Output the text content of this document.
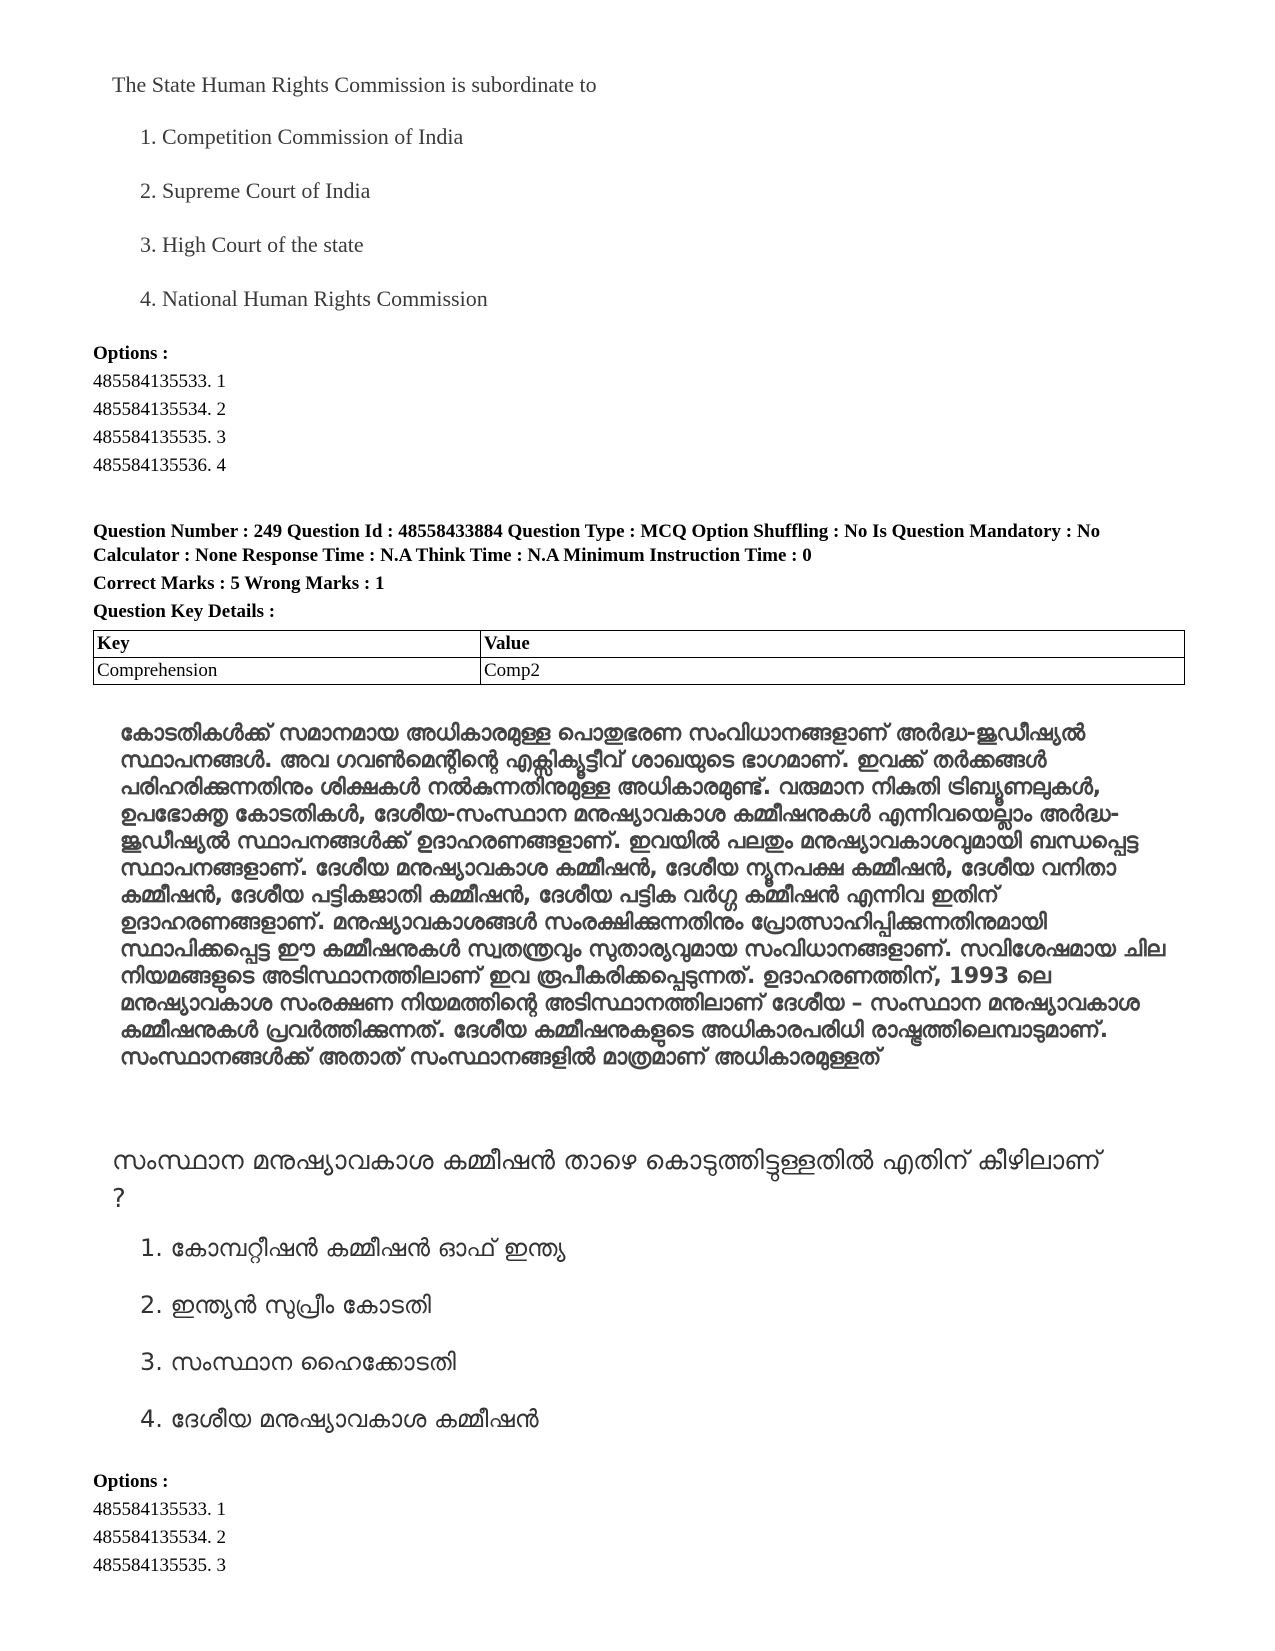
The State Human Rights Commission is subordinate to
1. Competition Commission of India
2. Supreme Court of India
3. High Court of the state
4. National Human Rights Commission
Options :
485584135533. 1
485584135534. 2
485584135535. 3
485584135536. 4
Question Number : 249 Question Id : 48558433884 Question Type : MCQ Option Shuffling : No Is Question Mandatory : No Calculator : None Response Time : N.A Think Time : N.A Minimum Instruction Time : 0
Correct Marks : 5 Wrong Marks : 1
Question Key Details :
Key	Value
Comprehension	Comp2
കോടതികൾക്ക് സമാനമായ അധികാരമുള്ള പൊതുഭരണ സംവിധാനങ്ങളാണ് അർദ്ധ-ജുഡീഷ്യൽ സ്ഥാപനങ്ങൾ. അവ ഗവൺമെന്റിന്റെ എക്സിക്യൂട്ടീവ് ശാഖയുടെ ഭാഗമാണ്. ഇവക്ക് തർക്കങ്ങൾ പരിഹരിക്കുന്നതിനും ശിക്ഷകൾ നൽകുന്നതിനുമുള്ള അധികാരമുണ്ട്. വരുമാന നികുതി ട്രിബ്യൂണലുകൾ, ഉപഭോക്തൃ കോടതികൾ, ദേശീയ-സംസ്ഥാന മനുഷ്യാവകാശ കമ്മീഷനുകൾ എന്നിവയെല്ലാം അർദ്ധ-ജുഡീഷ്യൽ സ്ഥാപനങ്ങൾക്ക് ഉദാഹരണങ്ങളാണ്. ഇവയിൽ പലതും മനുഷ്യാവകാശവുമായി ബന്ധപ്പെട്ട സ്ഥാപനങ്ങളാണ്. ദേശീയ മനുഷ്യാവകാശ കമ്മീഷൻ, ദേശീയ ന്യൂനപക്ഷ കമ്മീഷൻ, ദേശീയ വനിതാ കമ്മീഷൻ, ദേശീയ പട്ടികജാതി കമ്മീഷൻ, ദേശീയ പട്ടിക വർഗ്ഗ കമ്മീഷൻ എന്നിവ ഇതിന് ഉദാഹരണങ്ങളാണ്. മനുഷ്യാവകാശങ്ങൾ സംരക്ഷിക്കുന്നതിനും പ്രോത്സാഹിപ്പിക്കുന്നതിനുമായി സ്ഥാപിക്കപ്പെട്ട ഈ കമ്മീഷനുകൾ സ്വതന്ത്രവും സുതാര്യവുമായ സംവിധാനങ്ങളാണ്. സവിശേഷമായ ചില നിയമങ്ങളുടെ അടിസ്ഥാനത്തിലാണ് ഇവ രൂപീകരിക്കപ്പെടുന്നത്. ഉദാഹരണത്തിന്, 1993 ലെ മനുഷ്യാവകാശ സംരക്ഷണ നിയമത്തിന്റെ അടിസ്ഥാനത്തിലാണ് ദേശീയ – സംസ്ഥാന മനുഷ്യാവകാശ കമ്മീഷനുകൾ പ്രവർത്തിക്കുന്നത്. ദേശീയ കമ്മീഷനുകളുടെ അധികാരപരിധി രാഷ്ട്രത്തിലെമ്പാടുമാണ്. സംസ്ഥാനങ്ങൾക്ക് അതാത് സംസ്ഥാനങ്ങളിൽ മാത്രമാണ് അധികാരമുള്ളത്
സംസ്ഥാന മനുഷ്യാവകാശ കമ്മീഷൻ താഴെ കൊടുത്തിട്ടുള്ളതിൽ എതിന് കീഴിലാണ് ?
1. കോമ്പറ്റീഷൻ കമ്മീഷൻ ഓഫ് ഇന്ത്യ
2. ഇന്ത്യൻ സുപ്രീം കോടതി
3. സംസ്ഥാന ഹൈക്കോടതി
4. ദേശീയ മനുഷ്യാവകാശ കമ്മീഷൻ
Options :
485584135533. 1
485584135534. 2
485584135535. 3
